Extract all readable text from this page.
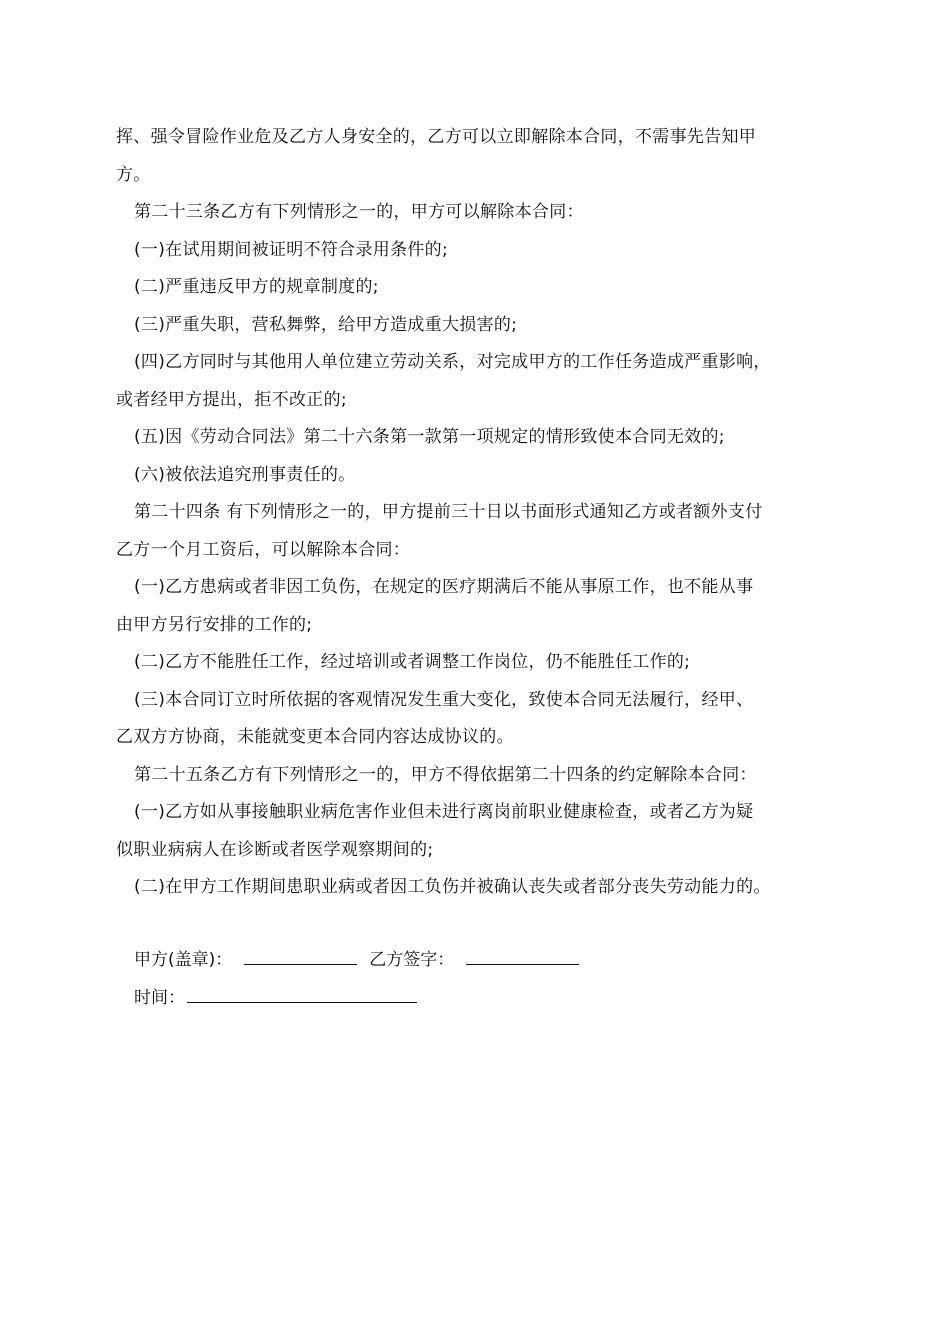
挥、强令冒险作业危及乙方人身安全的，乙方可以立即解除本合同，不需事先告知甲
方。
第二十三条乙方有下列情形之一的，甲方可以解除本合同：
(一)在试用期间被证明不符合录用条件的;
(二)严重违反甲方的规章制度的;
(三)严重失职，营私舞弊，给甲方造成重大损害的;
(四)乙方同时与其他用人单位建立劳动关系，对完成甲方的工作任务造成严重影响，
或者经甲方提出，拒不改正的;
(五)因《劳动合同法》第二十六条第一款第一项规定的情形致使本合同无效的;
(六)被依法追究刑事责任的。
第二十四条 有下列情形之一的，甲方提前三十日以书面形式通知乙方或者额外支付
乙方一个月工资后，可以解除本合同：
(一)乙方患病或者非因工负伤，在规定的医疗期满后不能从事原工作，也不能从事
由甲方另行安排的工作的;
(二)乙方不能胜任工作，经过培训或者调整工作岗位，仍不能胜任工作的;
(三)本合同订立时所依据的客观情况发生重大变化，致使本合同无法履行，经甲、
乙双方方协商，未能就变更本合同内容达成协议的。
第二十五条乙方有下列情形之一的，甲方不得依据第二十四条的约定解除本合同：
(一)乙方如从事接触职业病危害作业但未进行离岗前职业健康检查，或者乙方为疑
似职业病病人在诊断或者医学观察期间的;
(二)在甲方工作期间患职业病或者因工负伤并被确认丧失或者部分丧失劳动能力的。
甲方(盖章)：	乙方签字：
时间：
